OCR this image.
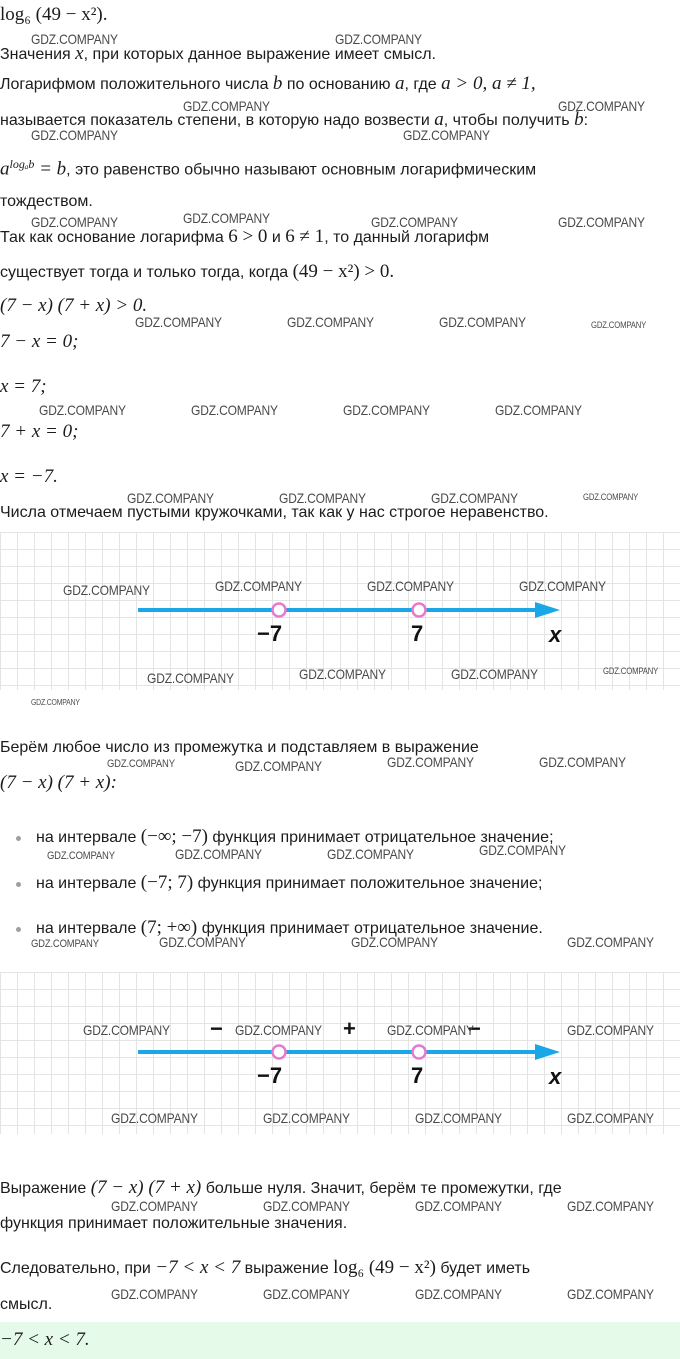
log₆ (49 − x²).
Значения x, при которых данное выражение имеет смысл.
Логарифмом положительного числа b по основанию a, где a > 0, a ≠ 1,
называется показатель степени, в которую надо возвести a, чтобы получить b:
$a^{log_ab} = b$, это равенство обычно называют основным логарифмическим
тождеством.
Так как основание логарифма 6 > 0 и 6 ≠ 1, то данный логарифм
существует тогда и только тогда, когда (49 − x²) > 0.
(7 − x) (7 + x) > 0.
7 − x = 0;
x = 7;
7 + x = 0;
x = −7.
Числа отмечаем пустыми кружочками, так как у нас строгое неравенство.
−7	7	x
Берём любое число из промежутка и подставляем в выражение
(7 − x) (7 + x):
на интервале (−∞; −7) функция принимает отрицательное значение;
на интервале (−7; 7) функция принимает положительное значение;
на интервале (7; +∞) функция принимает отрицательное значение.
−	+	−
−7	7	x
Выражение (7 − x) (7 + x) больше нуля. Значит, берём те промежутки, где
функция принимает положительные значения.
Следовательно, при −7 < x < 7 выражение log₆ (49 − x²) будет иметь
смысл.
−7 < x < 7.
GDZ.COMPANY	GDZ.COMPANY
GDZ.COMPANY	GDZ.COMPANY
GDZ.COMPANY	GDZ.COMPANY
GDZ.COMPANY	GDZ.COMPANY	GDZ.COMPANY	GDZ.COMPANY
GDZ.COMPANY	GDZ.COMPANY	GDZ.COMPANY	GDZ.COMPANY
GDZ.COMPANY	GDZ.COMPANY	GDZ.COMPANY	GDZ.COMPANY
GDZ.COMPANY	GDZ.COMPANY	GDZ.COMPANY	GDZ.COMPANY
GDZ.COMPANY	GDZ.COMPANY	GDZ.COMPANY	GDZ.COMPANY
GDZ.COMPANY	GDZ.COMPANY	GDZ.COMPANY	GDZ.COMPANY
GDZ.COMPANY
GDZ.COMPANY	GDZ.COMPANY	GDZ.COMPANY	GDZ.COMPANY
GDZ.COMPANY	GDZ.COMPANY	GDZ.COMPANY	GDZ.COMPANY
GDZ.COMPANY	GDZ.COMPANY	GDZ.COMPANY	GDZ.COMPANY
GDZ.COMPANY	GDZ.COMPANY	GDZ.COMPANY	GDZ.COMPANY
GDZ.COMPANY	GDZ.COMPANY	GDZ.COMPANY	GDZ.COMPANY
GDZ.COMPANY	GDZ.COMPANY	GDZ.COMPANY	GDZ.COMPANY
GDZ.COMPANY	GDZ.COMPANY	GDZ.COMPANY	GDZ.COMPANY
